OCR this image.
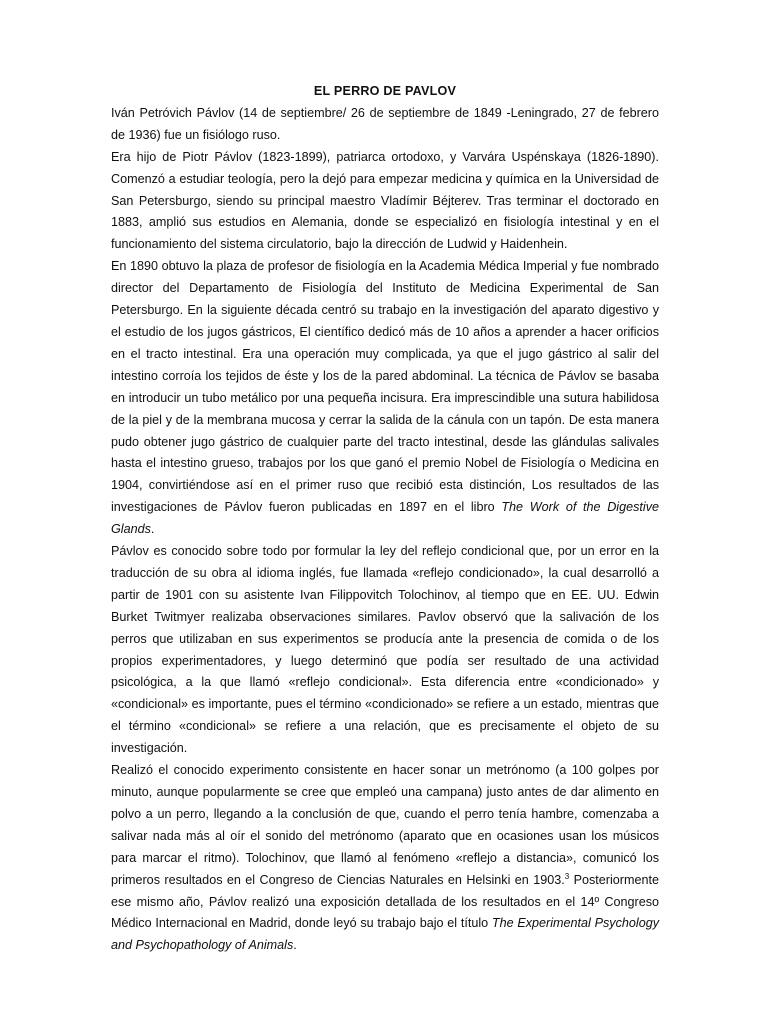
EL PERRO DE PAVLOV

Iván Petróvich Pávlov (14 de septiembre/ 26 de septiembre de 1849 -Leningrado, 27 de febrero de 1936) fue un fisiólogo ruso.

Era hijo de Piotr Pávlov (1823-1899), patriarca ortodoxo, y Varvára Uspénskaya (1826-1890). Comenzó a estudiar teología, pero la dejó para empezar medicina y química en la Universidad de San Petersburgo, siendo su principal maestro Vladímir Béjterev. Tras terminar el doctorado en 1883, amplió sus estudios en Alemania, donde se especializó en fisiología intestinal y en el funcionamiento del sistema circulatorio, bajo la dirección de Ludwid y Haidenhein.

En 1890 obtuvo la plaza de profesor de fisiología en la Academia Médica Imperial y fue nombrado director del Departamento de Fisiología del Instituto de Medicina Experimental de San Petersburgo. En la siguiente década centró su trabajo en la investigación del aparato digestivo y el estudio de los jugos gástricos, El científico dedicó más de 10 años a aprender a hacer orificios en el tracto intestinal. Era una operación muy complicada, ya que el jugo gástrico al salir del intestino corroía los tejidos de éste y los de la pared abdominal. La técnica de Pávlov se basaba en introducir un tubo metálico por una pequeña incisura. Era imprescindible una sutura habilidosa de la piel y de la membrana mucosa y cerrar la salida de la cánula con un tapón. De esta manera pudo obtener jugo gástrico de cualquier parte del tracto intestinal, desde las glándulas salivales hasta el intestino grueso, trabajos por los que ganó el premio Nobel de Fisiología o Medicina en 1904, convirtiéndose así en el primer ruso que recibió esta distinción, Los resultados de las investigaciones de Pávlov fueron publicadas en 1897 en el libro The Work of the Digestive Glands.

Pávlov es conocido sobre todo por formular la ley del reflejo condicional que, por un error en la traducción de su obra al idioma inglés, fue llamada «reflejo condicionado», la cual desarrolló a partir de 1901 con su asistente Ivan Filippovitch Tolochinov, al tiempo que en EE. UU. Edwin Burket Twitmyer realizaba observaciones similares. Pavlov observó que la salivación de los perros que utilizaban en sus experimentos se producía ante la presencia de comida o de los propios experimentadores, y luego determinó que podía ser resultado de una actividad psicológica, a la que llamó «reflejo condicional». Esta diferencia entre «condicionado» y «condicional» es importante, pues el término «condicionado» se refiere a un estado, mientras que el término «condicional» se refiere a una relación, que es precisamente el objeto de su investigación.

Realizó el conocido experimento consistente en hacer sonar un metrónomo (a 100 golpes por minuto, aunque popularmente se cree que empleó una campana) justo antes de dar alimento en polvo a un perro, llegando a la conclusión de que, cuando el perro tenía hambre, comenzaba a salivar nada más al oír el sonido del metrónomo (aparato que en ocasiones usan los músicos para marcar el ritmo). Tolochinov, que llamó al fenómeno «reflejo a distancia», comunicó los primeros resultados en el Congreso de Ciencias Naturales en Helsinki en 1903.$^3$ Posteriormente ese mismo año, Pávlov realizó una exposición detallada de los resultados en el 14º Congreso Médico Internacional en Madrid, donde leyó su trabajo bajo el título The Experimental Psychology and Psychopathology of Animals.
